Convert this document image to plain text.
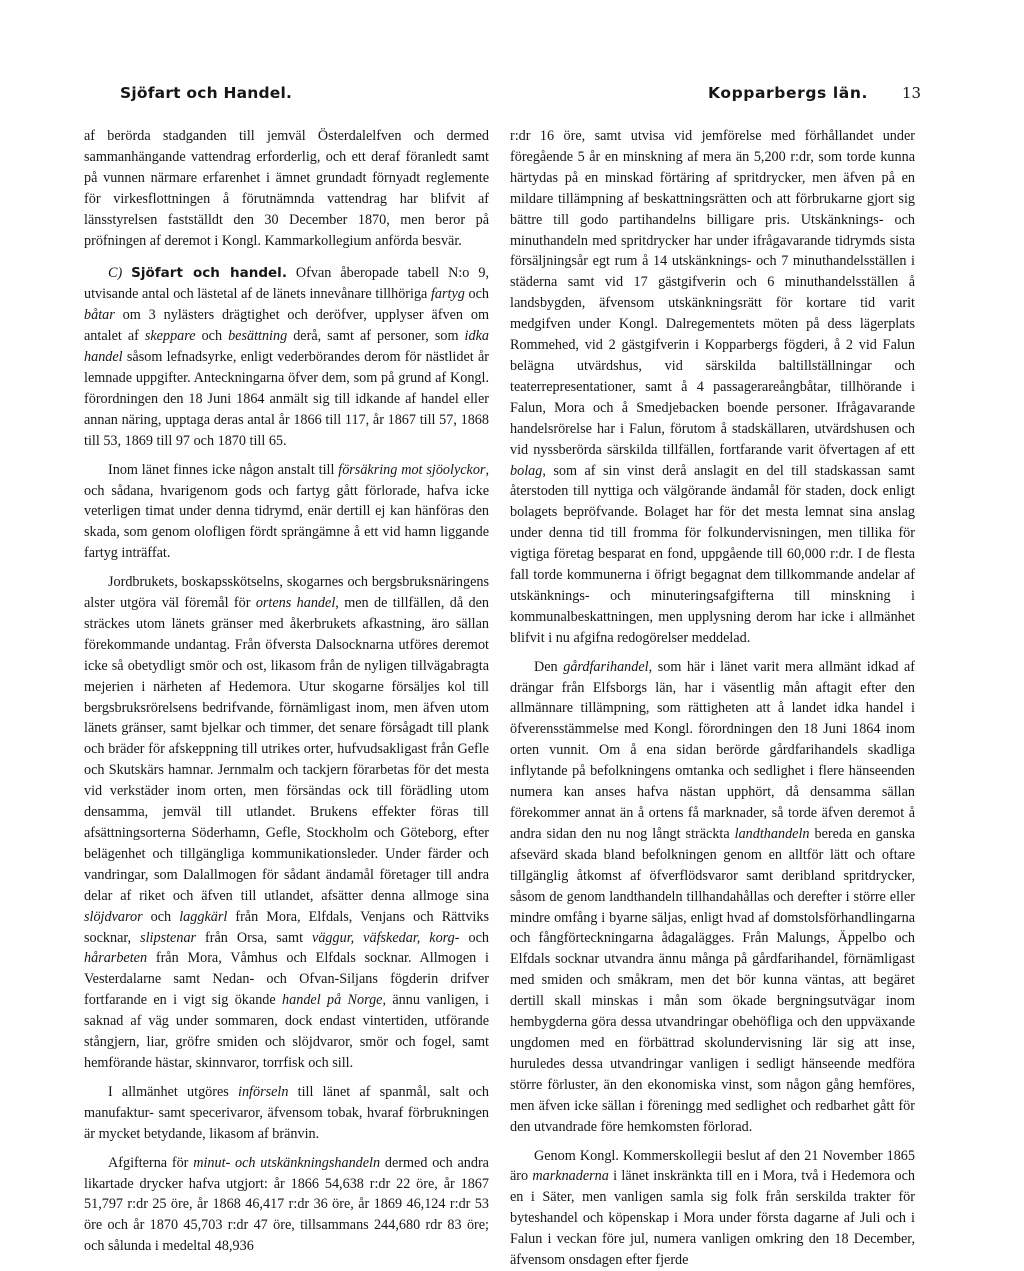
Sjöfart och Handel.	Kopparbergs län. 13

af berörda stadganden till jemväl Österdalelfven och dermed sammanhängande vattendrag erforderlig, och ett deraf föranledt samt på vunnen närmare erfarenhet i ämnet grundadt förnyadt reglemente för virkesflottningen å förutnämnda vattendrag har blifvit af länsstyrelsen fastställdt den 30 December 1870, men beror på pröfningen af deremot i Kongl. Kammarkollegium anförda besvär.

C) Sjöfart och handel. Ofvan åberopade tabell N:o 9, utvisande antal och lästetal af de länets innevånare tillhöriga fartyg och båtar om 3 nylästers drägtighet och deröfver, upplyser äfven om antalet af skeppare och besättning derå, samt af personer, som idka handel såsom lefnadsyrke, enligt vederbörandes derom för nästlidet år lemnade uppgifter. Anteckningarna öfver dem, som på grund af Kongl. förordningen den 18 Juni 1864 anmält sig till idkande af handel eller annan näring, upptaga deras antal år 1866 till 117, år 1867 till 57, 1868 till 53, 1869 till 97 och 1870 till 65.

Inom länet finnes icke någon anstalt till försäkring mot sjöolyckor, och sådana, hvarigenom gods och fartyg gått förlorade, hafva icke veterligen timat under denna tidrymd, enär dertill ej kan hänföras den skada, som genom olofligen fördt sprängämne å ett vid hamn liggande fartyg inträffat.

Jordbrukets, boskapsskötselns, skogarnes och bergsbruksnäringens alster utgöra väl föremål för ortens handel, men de tillfällen, då den sträckes utom länets gränser med åkerbrukets afkastning, äro sällan förekommande undantag. Från öfversta Dalsocknarna utföres deremot icke så obetydligt smör och ost, likasom från de nyligen tillvägabragta mejerien i närheten af Hedemora. Utur skogarne försäljes kol till bergsbruksrörelsens bedrifvande, förnämligast inom, men äfven utom länets gränser, samt bjelkar och timmer, det senare försågadt till plank och bräder för afskeppning till utrikes orter, hufvudsakligast från Gefle och Skutskärs hamnar. Jernmalm och tackjern förarbetas för det mesta vid verkstäder inom orten, men försändas ock till förädling utom densamma, jemväl till utlandet. Brukens effekter föras till afsättningsorterna Söderhamn, Gefle, Stockholm och Göteborg, efter belägenhet och tillgängliga kommunikationsleder. Under färder och vandringar, som Dalallmogen för sådant ändamål företager till andra delar af riket och äfven till utlandet, afsätter denna allmoge sina slöjdvaror och laggkärl från Mora, Elfdals, Venjans och Rättviks socknar, slipstenar från Orsa, samt väggur, väfskedar, korg- och hårarbeten från Mora, Våmhus och Elfdals socknar. Allmogen i Vesterdalarne samt Nedan- och Ofvan-Siljans fögderin drifver fortfarande en i vigt sig ökande handel på Norge, ännu vanligen, i saknad af väg under sommaren, dock endast vintertiden, utförande stångjern, liar, gröfre smiden och slöjdvaror, smör och fogel, samt hemförande hästar, skinnvaror, torrfisk och sill.

I allmänhet utgöres införseln till länet af spanmål, salt och manufaktur- samt specerivaror, äfvensom tobak, hvaraf förbrukningen är mycket betydande, likasom af bränvin.

Afgifterna för minut- och utskänkningshandeln dermed och andra likartade drycker hafva utgjort: år 1866 54,638 r:dr 22 öre, år 1867 51,797 r:dr 25 öre, år 1868 46,417 r:dr 36 öre, år 1869 46,124 r:dr 53 öre och år 1870 45,703 r:dr 47 öre, tillsammans 244,680 rdr 83 öre; och sålunda i medeltal 48,936

r:dr 16 öre, samt utvisa vid jemförelse med förhållandet under föregående 5 år en minskning af mera än 5,200 r:dr, som torde kunna härtydas på en minskad förtäring af spritdrycker, men äfven på en mildare tillämpning af beskattningsrätten och att förbrukarne gjort sig bättre till godo partihandelns billigare pris. Utskänknings- och minuthandeln med spritdrycker har under ifrågavarande tidrymds sista försäljningsår egt rum å 14 utskänknings- och 7 minuthandelsställen i städerna samt vid 17 gästgifverin och 6 minuthandelsställen å landsbygden, äfvensom utskänkningsrätt för kortare tid varit medgifven under Kongl. Dalregementets möten på dess lägerplats Rommehed, vid 2 gästgifverin i Kopparbergs fögderi, å 2 vid Falun belägna utvärdshus, vid särskilda baltillställningar och teaterrepresentationer, samt å 4 passagerareångbåtar, tillhörande i Falun, Mora och å Smedjebacken boende personer. Ifrågavarande handelsrörelse har i Falun, förutom å stadskällaren, utvärdshusen och vid nyssberörda särskilda tillfällen, fortfarande varit öfvertagen af ett bolag, som af sin vinst derå anslagit en del till stadskassan samt återstoden till nyttiga och välgörande ändamål för staden, dock enligt bolagets bepröfvande. Bolaget har för det mesta lemnat sina anslag under denna tid till fromma för folkundervisningen, men tillika för vigtiga företag besparat en fond, uppgående till 60,000 r:dr. I de flesta fall torde kommunerna i öfrigt begagnat dem tillkommande andelar af utskänknings- och minuteringsafgifterna till minskning i kommunalbeskattningen, men upplysning derom har icke i allmänhet blifvit i nu afgifna redogörelser meddelad.

Den gårdfarihandel, som här i länet varit mera allmänt idkad af drängar från Elfsborgs län, har i väsentlig mån aftagit efter den allmännare tillämpning, som rättigheten att å landet idka handel i öfverensstämmelse med Kongl. förordningen den 18 Juni 1864 inom orten vunnit. Om å ena sidan berörde gårdfarihandels skadliga inflytande på befolkningens omtanka och sedlighet i flere hänseenden numera kan anses hafva nästan upphört, då densamma sällan förekommer annat än å ortens få marknader, så torde äfven deremot å andra sidan den nu nog långt sträckta landthandeln bereda en ganska afsevärd skada bland befolkningen genom en alltför lätt och oftare tillgänglig åtkomst af öfverflödsvaror samt deribland spritdrycker, såsom de genom landthandeln tillhandahållas och derefter i större eller mindre omfång i byarne säljas, enligt hvad af domstolsförhandlingarna och fångförteckningarna ådagalägges. Från Malungs, Äppelbo och Elfdals socknar utvandra ännu många på gårdfarihandel, förnämligast med smiden och småkram, men det bör kunna väntas, att begäret dertill skall minskas i mån som ökade bergningsutvägar inom hembygderna göra dessa utvandringar obehöfliga och den uppväxande ungdomen med en förbättrad skolundervisning lär sig att inse, huruledes dessa utvandringar vanligen i sedligt hänseende medföra större förluster, än den ekonomiska vinst, som någon gång hemföres, men äfven icke sällan i föreningg med sedlighet och redbarhet gått för den utvandrade före hemkomsten förlorad.

Genom Kongl. Kommerskollegii beslut af den 21 November 1865 äro marknaderna i länet inskränkta till en i Mora, två i Hedemora och en i Säter, men vanligen samla sig folk från serskilda trakter för byteshandel och köpenskap i Mora under första dagarne af Juli och i Falun i veckan före jul, numera vanligen omkring den 18 December, äfvensom onsdagen efter fjerde
